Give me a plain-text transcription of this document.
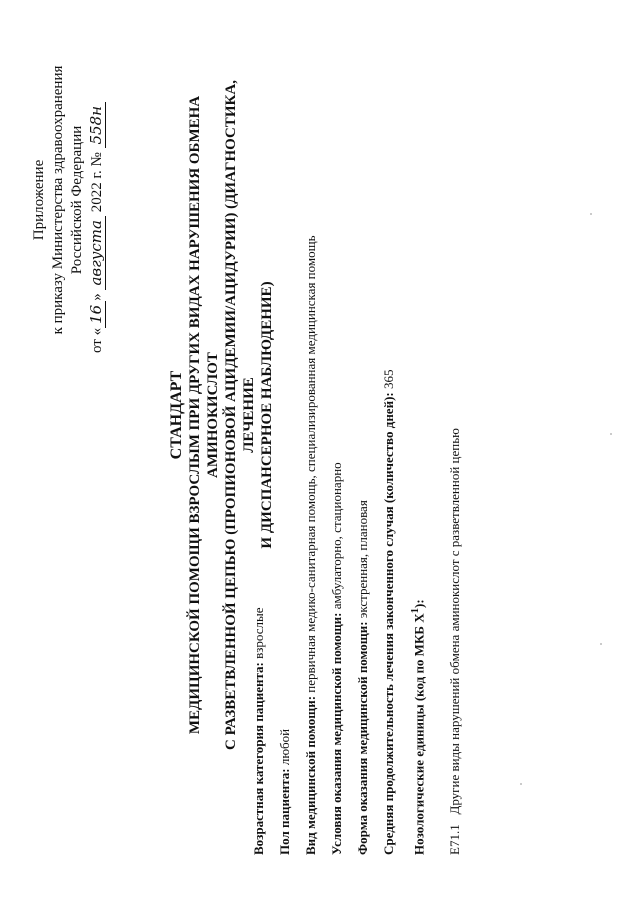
Приложение к приказу Министерства здравоохранения Российской Федерации
от «16» августа 2022 г. № 558н
СТАНДАРТ МЕДИЦИНСКОЙ ПОМОЩИ ВЗРОСЛЫМ ПРИ ДРУГИХ ВИДАХ НАРУШЕНИЯ ОБМЕНА АМИНОКИСЛОТ С РАЗВЕТВЛЕННОЙ ЦЕПЬЮ (ПРОПИОНОВОЙ АЦИДЕМИИ/АЦИДУРИИ) (ДИАГНОСТИКА, ЛЕЧЕНИЕ И ДИСПАНСЕРНОЕ НАБЛЮДЕНИЕ)
Возрастная категория пациента: взрослые
Пол пациента: любой Вид медицинской помощи: первичная медико-санитарная помощь, специализированная медицинская помощь
Условия оказания медицинской помощи: амбулаторно, стационарно
Форма оказания медицинской помощи: экстренная, плановая Средняя продолжительность лечения законченного случая (количество дней): 365
Нозологические единицы (код по МКБ $X^1$):
E71.1   Другие виды нарушений обмена аминокислот с разветвленной цепью
